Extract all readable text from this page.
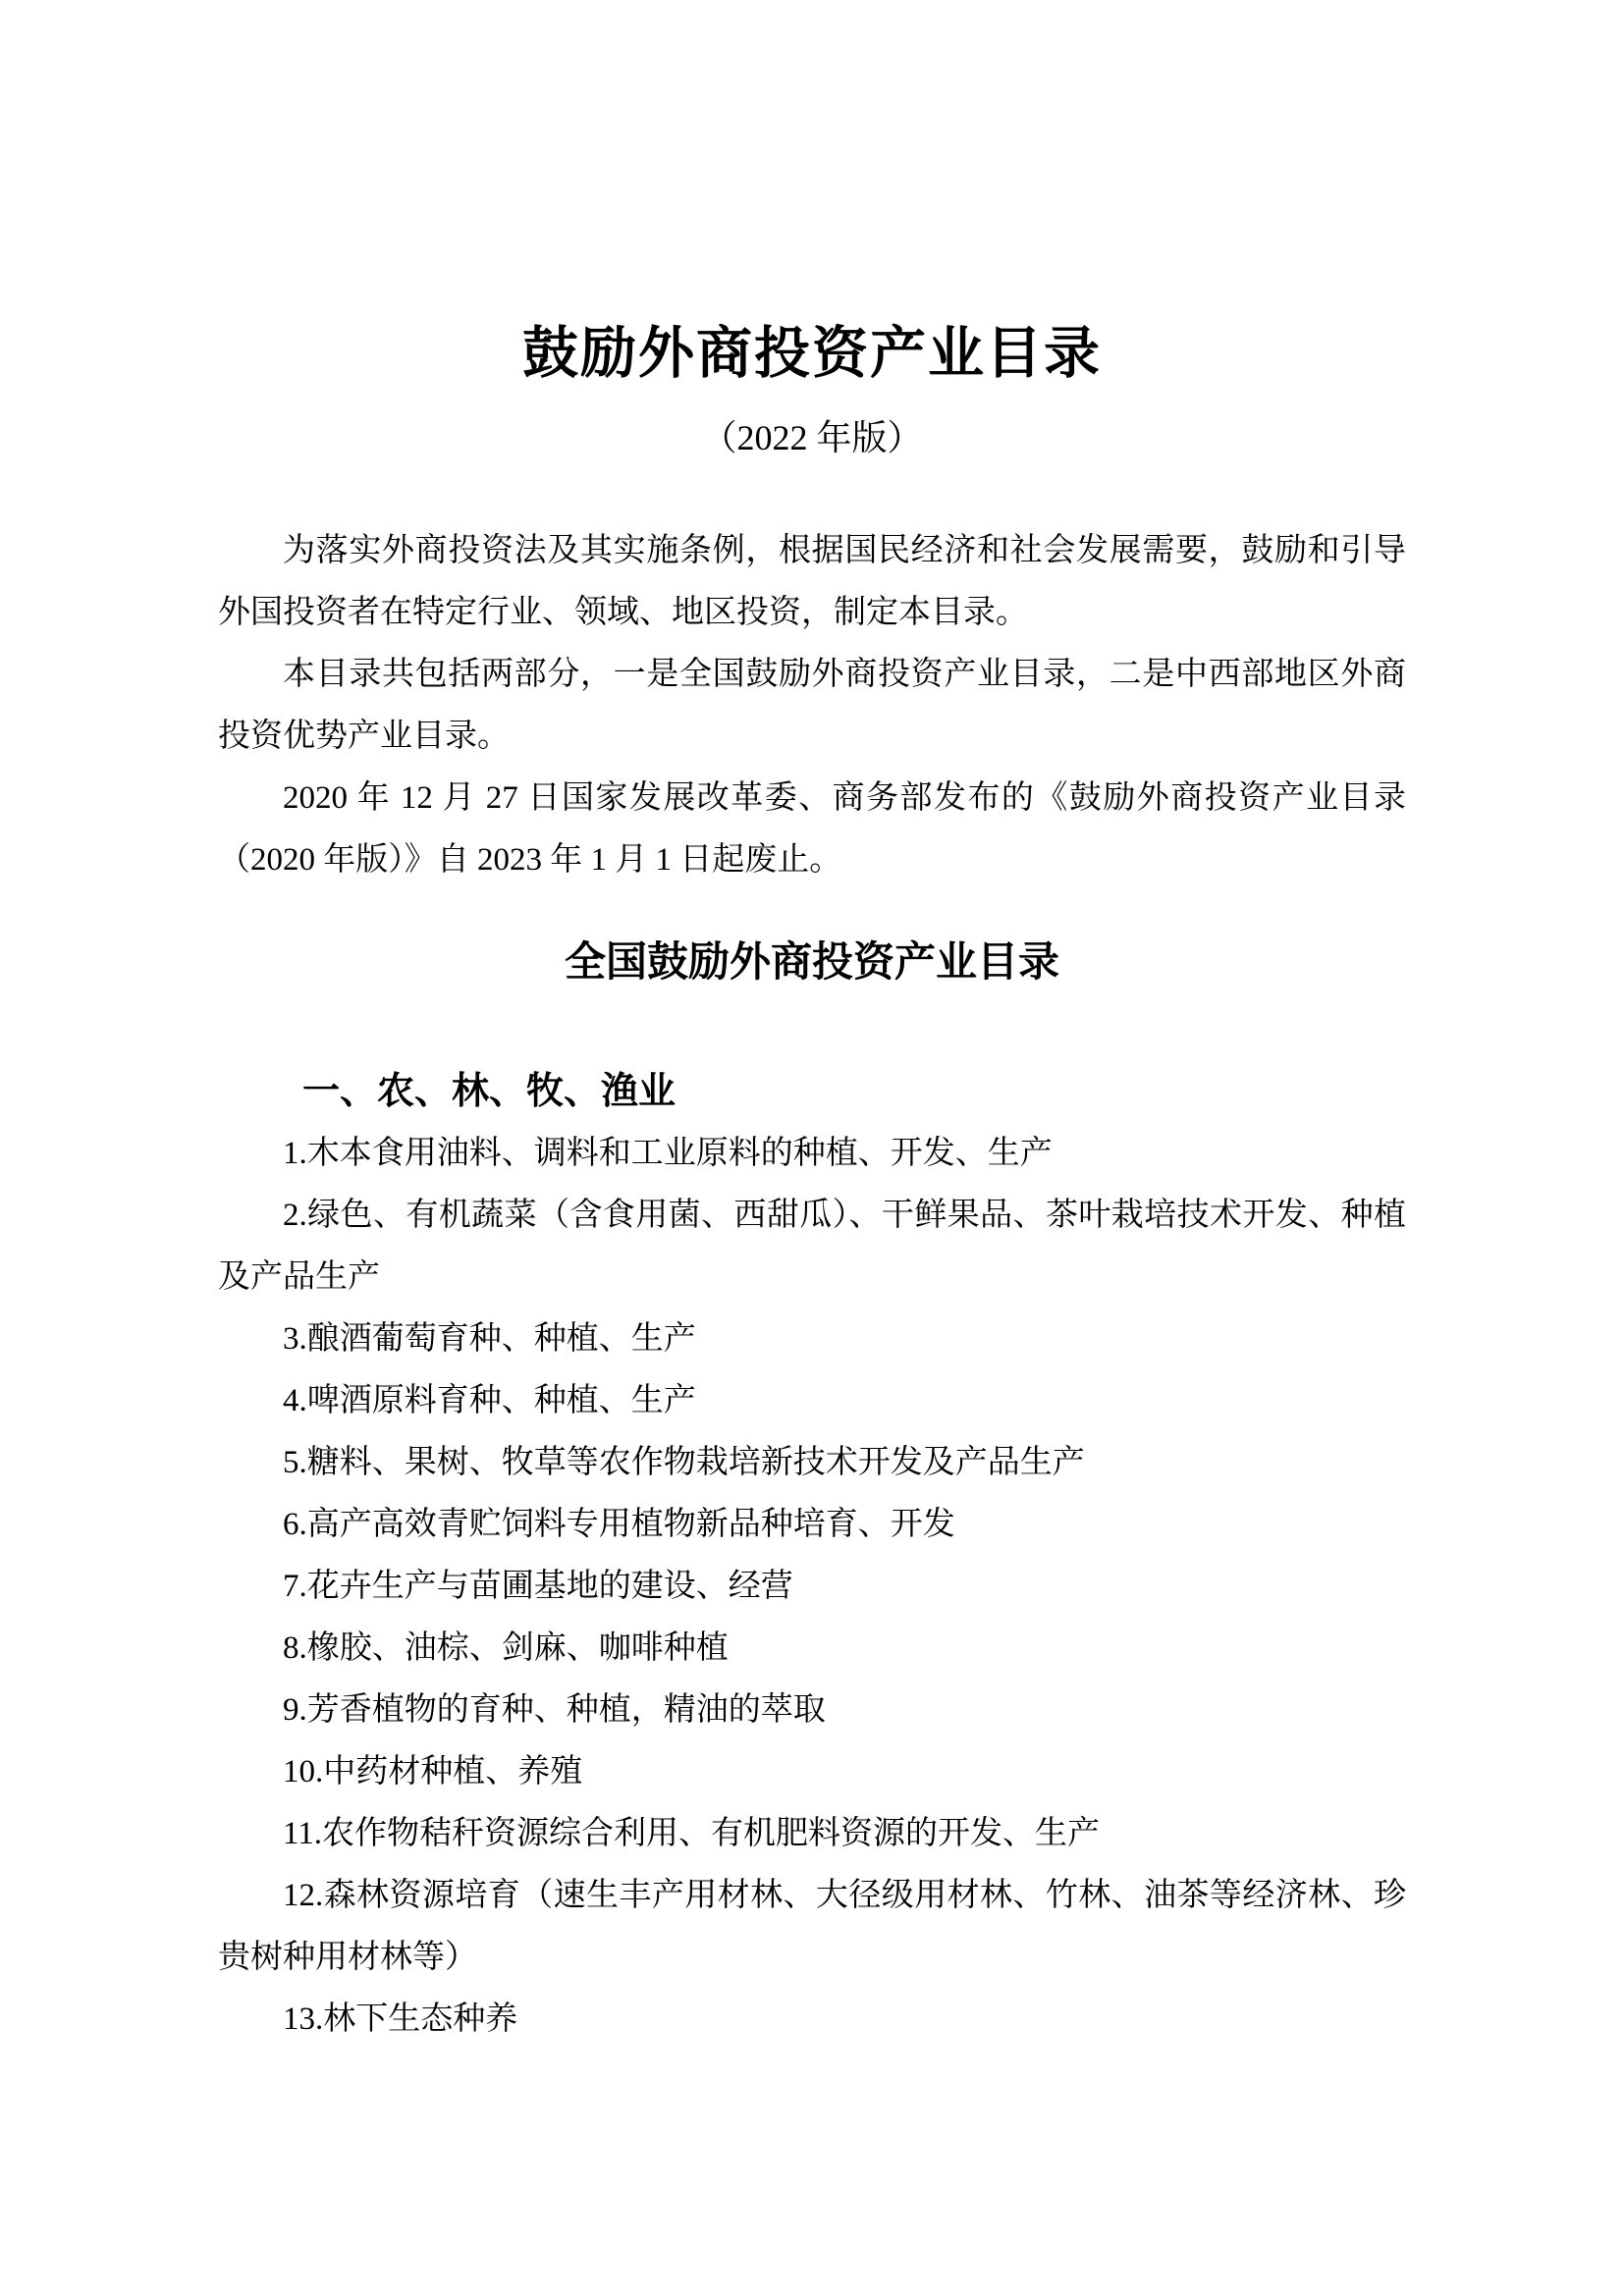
鼓励外商投资产业目录
（2022 年版）

为落实外商投资法及其实施条例，根据国民经济和社会发展需要，鼓励和引导外国投资者在特定行业、领域、地区投资，制定本目录。

本目录共包括两部分，一是全国鼓励外商投资产业目录，二是中西部地区外商投资优势产业目录。

2020 年 12 月 27 日国家发展改革委、商务部发布的《鼓励外商投资产业目录（2020 年版）》自 2023 年 1 月 1 日起废止。

全国鼓励外商投资产业目录
一、农、林、牧、渔业

1.木本食用油料、调料和工业原料的种植、开发、生产

2.绿色、有机蔬菜（含食用菌、西甜瓜）、干鲜果品、茶叶栽培技术开发、种植及产品生产

3.酿酒葡萄育种、种植、生产

4.啤酒原料育种、种植、生产

5.糖料、果树、牧草等农作物栽培新技术开发及产品生产

6.高产高效青贮饲料专用植物新品种培育、开发

7.花卉生产与苗圃基地的建设、经营

8.橡胶、油棕、剑麻、咖啡种植

9.芳香植物的育种、种植，精油的萃取

10.中药材种植、养殖

11.农作物秸秆资源综合利用、有机肥料资源的开发、生产

12.森林资源培育（速生丰产用材林、大径级用材林、竹林、油茶等经济林、珍贵树种用材林等）

13.林下生态种养
